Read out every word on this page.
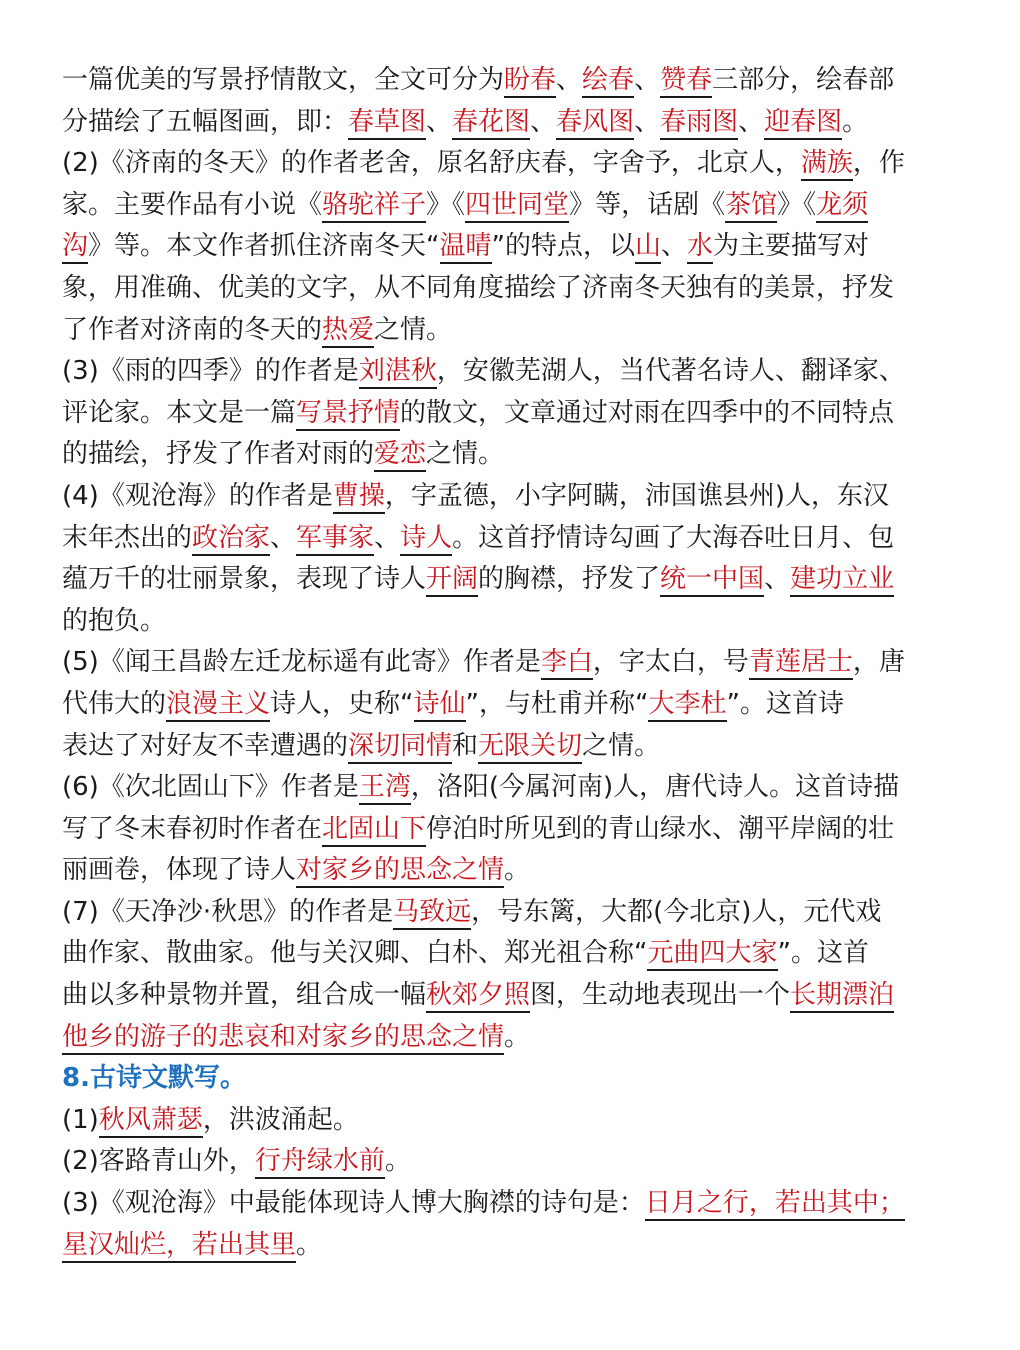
一篇优美的写景抒情散文，全文可分为盼春、绘春、赞春三部分，绘春部
分描绘了五幅图画，即：春草图、春花图、春风图、春雨图、迎春图。
(2)《济南的冬天》的作者老舍，原名舒庆春，字舍予，北京人，满族，作
家。主要作品有小说《骆驼祥子》《四世同堂》等，话剧《茶馆》《龙须
沟》等。本文作者抓住济南冬天“温晴”的特点，以山、水为主要描写对
象，用准确、优美的文字，从不同角度描绘了济南冬天独有的美景，抒发
了作者对济南的冬天的热爱之情。
(3)《雨的四季》的作者是刘湛秋，安徽芜湖人，当代著名诗人、翻译家、
评论家。本文是一篇写景抒情的散文，文章通过对雨在四季中的不同特点
的描绘，抒发了作者对雨的爱恋之情。
(4)《观沧海》的作者是曹操，字孟德，小字阿瞒，沛国谯县州)人，东汉
末年杰出的政治家、军事家、诗人。这首抒情诗勾画了大海吞吐日月、包
蕴万千的壮丽景象，表现了诗人开阔的胸襟，抒发了统一中国、建功立业
的抱负。
(5)《闻王昌龄左迁龙标遥有此寄》作者是李白，字太白，号青莲居士，唐
代伟大的浪漫主义诗人，史称“诗仙”，与杜甫并称“大李杜”。这首诗
表达了对好友不幸遭遇的深切同情和无限关切之情。
(6)《次北固山下》作者是王湾，洛阳(今属河南)人，唐代诗人。这首诗描
写了冬末春初时作者在北固山下停泊时所见到的青山绿水、潮平岸阔的壮
丽画卷，体现了诗人对家乡的思念之情。
(7)《天净沙·秋思》的作者是马致远，号东篱，大都(今北京)人，元代戏
曲作家、散曲家。他与关汉卿、白朴、郑光祖合称“元曲四大家”。这首
曲以多种景物并置，组合成一幅秋郊夕照图，生动地表现出一个长期漂泊
他乡的游子的悲哀和对家乡的思念之情。
8.古诗文默写。
(1)秋风萧瑟，洪波涌起。
(2)客路青山外，行舟绿水前。
(3)《观沧海》中最能体现诗人博大胸襟的诗句是：日月之行，若出其中；
星汉灿烂，若出其里。
